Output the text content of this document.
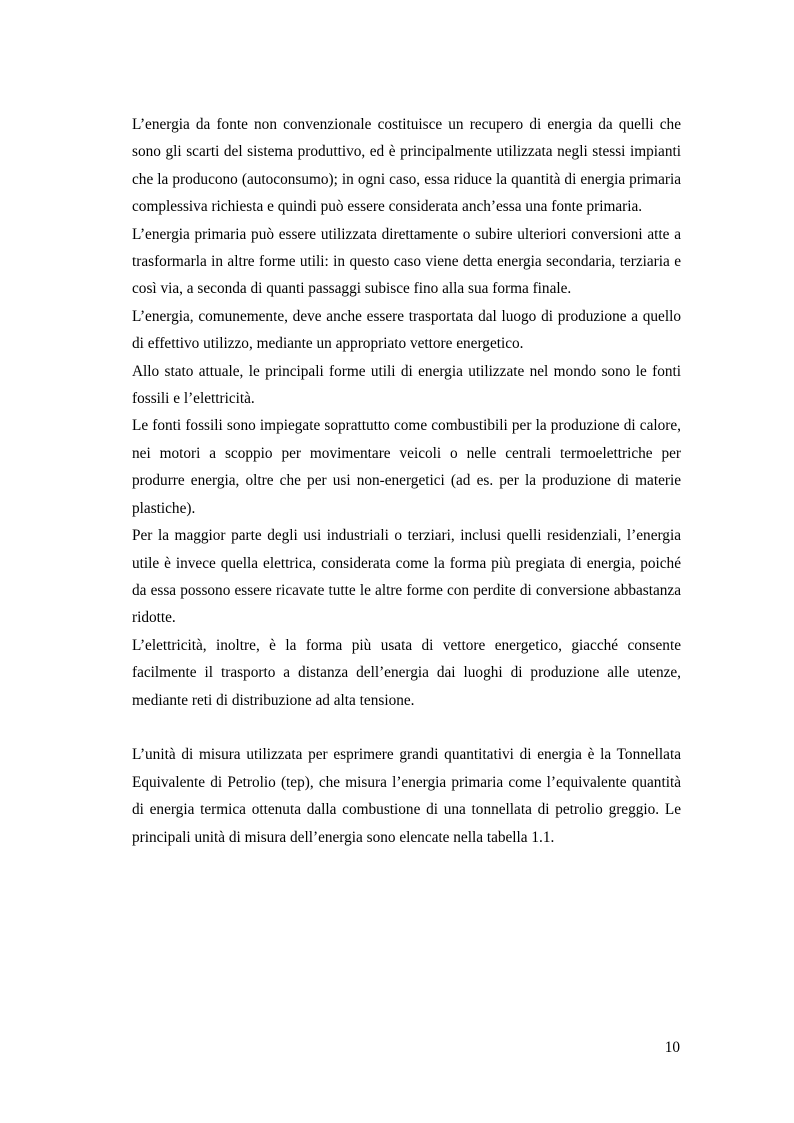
L’energia da fonte non convenzionale costituisce un recupero di energia da quelli che sono gli scarti del sistema produttivo, ed è principalmente utilizzata negli stessi impianti che la producono (autoconsumo); in ogni caso, essa riduce la quantità di energia primaria complessiva richiesta e quindi può essere considerata anch’essa una fonte primaria.

L’energia primaria può essere utilizzata direttamente o subire ulteriori conversioni atte a trasformarla in altre forme utili: in questo caso viene detta energia secondaria, terziaria e così via, a seconda di quanti passaggi subisce fino alla sua forma finale.

L’energia, comunemente, deve anche essere trasportata dal luogo di produzione a quello di effettivo utilizzo, mediante un appropriato vettore energetico.

Allo stato attuale, le principali forme utili di energia utilizzate nel mondo sono le fonti fossili e l’elettricità.

Le fonti fossili sono impiegate soprattutto come combustibili per la produzione di calore, nei motori a scoppio per movimentare veicoli o nelle centrali termoelettriche per produrre energia, oltre che per usi non-energetici (ad es. per la produzione di materie plastiche).

Per la maggior parte degli usi industriali o terziari, inclusi quelli residenziali, l’energia utile è invece quella elettrica, considerata come la forma più pregiata di energia, poiché da essa possono essere ricavate tutte le altre forme con perdite di conversione abbastanza ridotte.

L’elettricità, inoltre, è la forma più usata di vettore energetico, giacché consente facilmente il trasporto a distanza dell’energia dai luoghi di produzione alle utenze, mediante reti di distribuzione ad alta tensione.

L’unità di misura utilizzata per esprimere grandi quantitativi di energia è la Tonnellata Equivalente di Petrolio (tep), che misura l’energia primaria come l’equivalente quantità di energia termica ottenuta dalla combustione di una tonnellata di petrolio greggio. Le principali unità di misura dell’energia sono elencate nella tabella 1.1.

10
